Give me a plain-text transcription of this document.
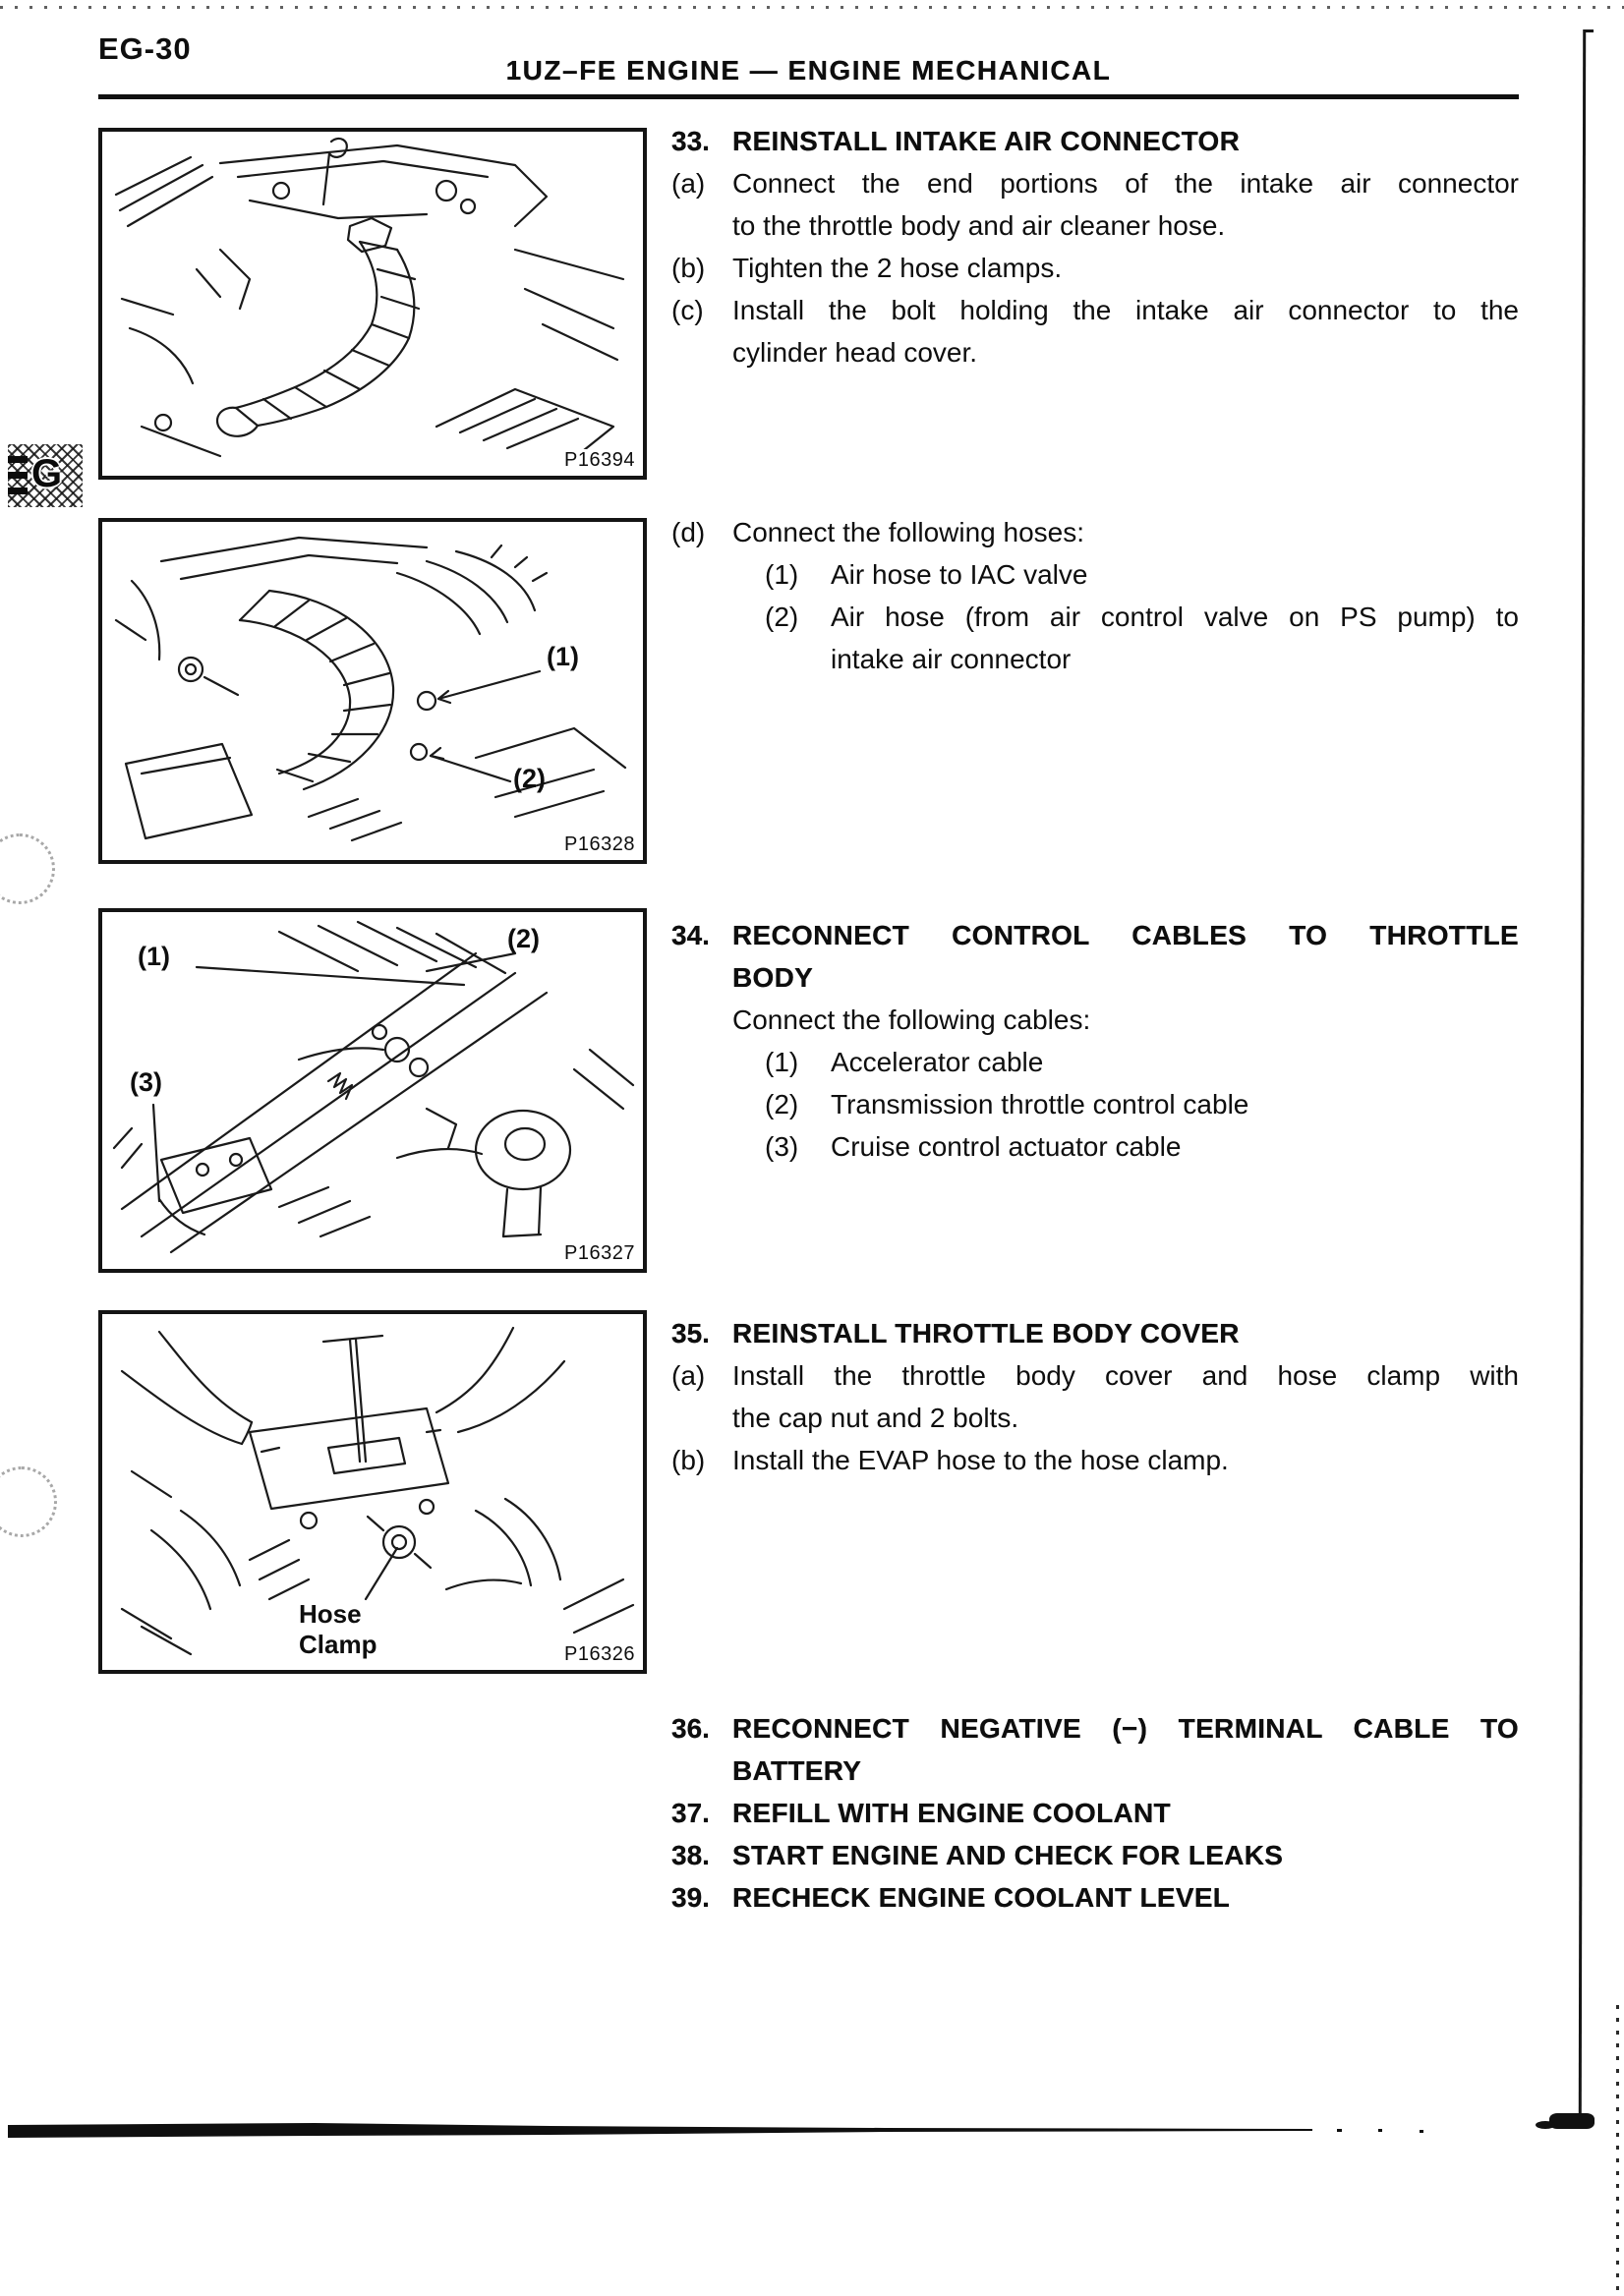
EG-30
1UZ–FE ENGINE — ENGINE MECHANICAL
G	P16394
(1)
(2)
P16328
(1)
(2)
(3)
P16327
Hose
Clamp	P16326
33. REINSTALL INTAKE AIR CONNECTOR
(a) Connect the end portions of the intake air connector
to the throttle body and air cleaner hose.
(b) Tighten the 2 hose clamps.
(c)	Install the bolt holding the intake air connector to the
cylinder head cover.
(d) Connect the following hoses:
(1)	Air hose to IAC valve
(2)	Air hose (from air control valve on PS pump) to
intake air connector
34. RECONNECT CONTROL CABLES TO THROTTLE
BODY
Connect the following cables:
(1)	Accelerator cable
(2)	Transmission throttle control cable
(3)	Cruise control actuator cable
35. REINSTALL THROTTLE BODY COVER
(a) Install the throttle body cover and hose clamp with
the cap nut and 2 bolts.
(b) Install the EVAP hose to the hose clamp.
36. RECONNECT NEGATIVE (−) TERMINAL CABLE TO
BATTERY
37. REFILL WITH ENGINE COOLANT
38. START ENGINE AND CHECK FOR LEAKS
39. RECHECK ENGINE COOLANT LEVEL
